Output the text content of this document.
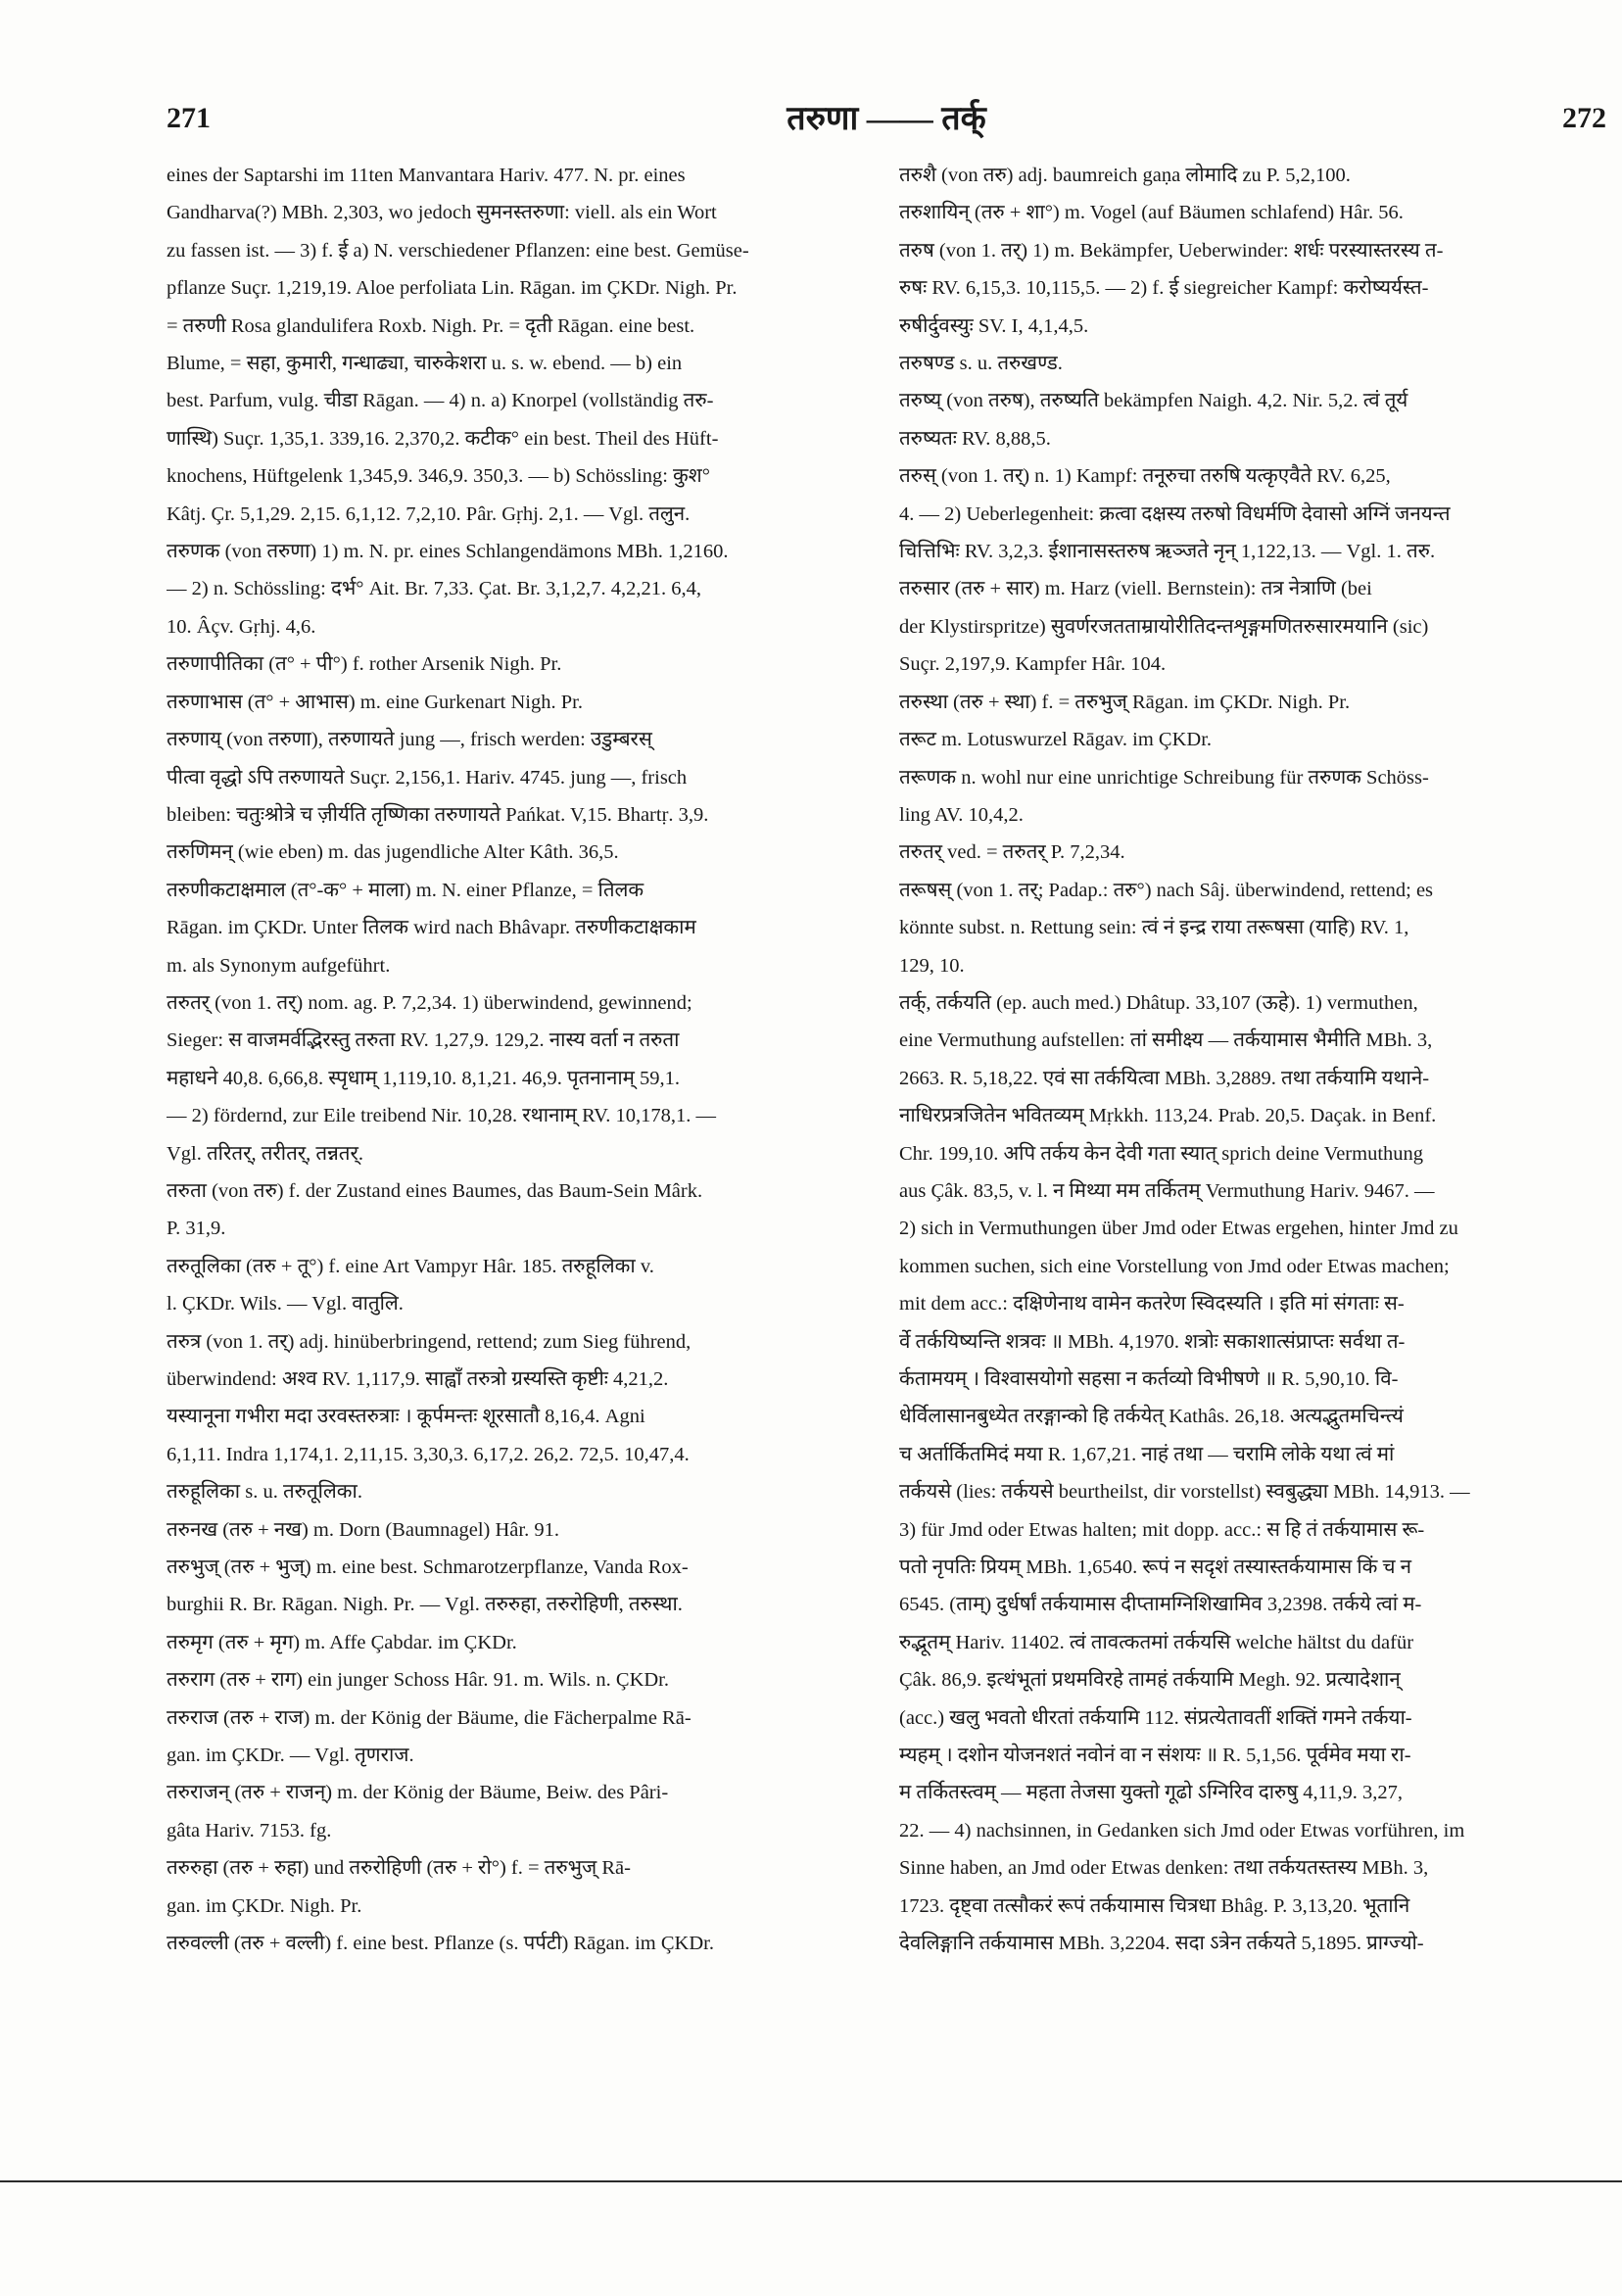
271	तरुणा —— तर्क्	272
eines der Saptarshi im 11ten Manvantara Hariv. 477. N. pr. eines
Gandharva(?) MBh. 2,303, wo jedoch सुमनस्तरुणा: viell. als ein Wort
zu fassen ist. — 3) f. ई a) N. verschiedener Pflanzen: eine best. Gemüse-
pflanze Suçr. 1,219,19. Aloe perfoliata Lin. Rāgan. im ÇKDr. Nigh. Pr.
= तरुणी Rosa glandulifera Roxb. Nigh. Pr. = दृती Rāgan. eine best.
Blume, = सहा, कुमारी, गन्धाढ्या, चारुकेशरा u. s. w. ebend. — b) ein
best. Parfum, vulg. चीडा Rāgan. — 4) n. a) Knorpel (vollständig तरु-
णास्थि) Suçr. 1,35,1. 339,16. 2,370,2. कटीक° ein best. Theil des Hüft-
knochens, Hüftgelenk 1,345,9. 346,9. 350,3. — b) Schössling: कुश°
Kâtj. Çr. 5,1,29. 2,15. 6,1,12. 7,2,10. Pâr. Gṛhj. 2,1. — Vgl. तलुन.
तरुणक (von तरुणा) 1) m. N. pr. eines Schlangendämons MBh. 1,2160.
— 2) n. Schössling: दर्भ° Ait. Br. 7,33. Çat. Br. 3,1,2,7. 4,2,21. 6,4,
10. Âçv. Gṛhj. 4,6.
तरुणापीतिका (त° + पी°) f. rother Arsenik Nigh. Pr.
तरुणाभास (त° + आभास) m. eine Gurkenart Nigh. Pr.
तरुणाय् (von तरुणा), तरुणायते jung —, frisch werden: उडुम्बरस्
पीत्वा वृद्धो ऽपि तरुणायते Suçr. 2,156,1. Hariv. 4745. jung —, frisch
bleiben: चतुःश्रोत्रे च ज़ीर्यति तृष्णिका तरुणायते Pańkat. V,15. Bhartṛ. 3,9.
तरुणिमन् (wie eben) m. das jugendliche Alter Kâth. 36,5.
तरुणीकटाक्षमाल (त°-क° + माला) m. N. einer Pflanze, = तिलक
Rāgan. im ÇKDr. Unter तिलक wird nach Bhâvapr. तरुणीकटाक्षकाम
m. als Synonym aufgeführt.
तरुतर् (von 1. तर्) nom. ag. P. 7,2,34. 1) überwindend, gewinnend;
Sieger: स वाजमर्वद्भिरस्तु तरुता RV. 1,27,9. 129,2. नास्य वर्ता न तरुता
महाधने 40,8. 6,66,8. स्पृधाम् 1,119,10. 8,1,21. 46,9. पृतनानाम् 59,1.
— 2) fördernd, zur Eile treibend Nir. 10,28. रथानाम् RV. 10,178,1. —
Vgl. तरितर्, तरीतर्, तन्नतर्.
तरुता (von तरु) f. der Zustand eines Baumes, das Baum-Sein Mârk.
P. 31,9.
तरुतूलिका (तरु + तू°) f. eine Art Vampyr Hâr. 185. तरुहूलिका v.
l. ÇKDr. Wils. — Vgl. वातुलि.
तरुत्र (von 1. तर्) adj. hinüberbringend, rettend; zum Sieg führend,
überwindend: अश्व RV. 1,117,9. साह्वाँ तरुत्रो ग्रस्यस्ति कृष्टीः 4,21,2.
यस्यानूना गभीरा मदा उरवस्तरुत्राः । कूर्पमन्तः शूरसातौ 8,16,4. Agni
6,1,11. Indra 1,174,1. 2,11,15. 3,30,3. 6,17,2. 26,2. 72,5. 10,47,4.
तरुहूलिका s. u. तरुतूलिका.
तरुनख (तरु + नख) m. Dorn (Baumnagel) Hâr. 91.
तरुभुज् (तरु + भुज्) m. eine best. Schmarotzerpflanze, Vanda Rox-
burghii R. Br. Rāgan. Nigh. Pr. — Vgl. तरुरुहा, तरुरोहिणी, तरुस्था.
तरुमृग (तरु + मृग) m. Affe Çabdar. im ÇKDr.
तरुराग (तरु + राग) ein junger Schoss Hâr. 91. m. Wils. n. ÇKDr.
तरुराज (तरु + राज) m. der König der Bäume, die Fächerpalme Rā-
gan. im ÇKDr. — Vgl. तृणराज.
तरुराजन् (तरु + राजन्) m. der König der Bäume, Beiw. des Pâri-
gâta Hariv. 7153. fg.
तरुरुहा (तरु + रुहा) und तरुरोहिणी (तरु + रो°) f. = तरुभुज् Rā-
gan. im ÇKDr. Nigh. Pr.
तरुवल्ली (तरु + वल्ली) f. eine best. Pflanze (s. पर्पटी) Rāgan. im ÇKDr.
तरुशै (von तरु) adj. baumreich gaṇa लोमादि zu P. 5,2,100.
तरुशायिन् (तरु + शा°) m. Vogel (auf Bäumen schlafend) Hâr. 56.
तरुष (von 1. तर्) 1) m. Bekämpfer, Ueberwinder: शर्धः परस्यास्तरस्य त-
रुषः RV. 6,15,3. 10,115,5. — 2) f. ई siegreicher Kampf: करोष्यर्यस्त-
रुषीर्दुवस्युः SV. I, 4,1,4,5.
तरुषण्ड s. u. तरुखण्ड.
तरुष्य् (von तरुष), तरुष्यति bekämpfen Naigh. 4,2. Nir. 5,2. त्वं तूर्य
तरुष्यतः RV. 8,88,5.
तरुस् (von 1. तर्) n. 1) Kampf: तनूरुचा तरुषि यत्कृएवैते RV. 6,25,
4. — 2) Ueberlegenheit: क्रत्वा दक्षस्य तरुषो विधर्मणि देवासो अग्निं जनयन्त
चित्तिभिः RV. 3,2,3. ईशानासस्तरुष ऋञ्जते नृन् 1,122,13. — Vgl. 1. तरु.
तरुसार (तरु + सार) m. Harz (viell. Bernstein): तत्र नेत्राणि (bei
der Klystirspritze) सुवर्णरजतताम्रायोरीतिदन्तशृङ्गमणितरुसारमयानि (sic)
Suçr. 2,197,9. Kampfer Hâr. 104.
तरुस्था (तरु + स्था) f. = तरुभुज् Rāgan. im ÇKDr. Nigh. Pr.
तरूट m. Lotuswurzel Rāgav. im ÇKDr.
तरूणक n. wohl nur eine unrichtige Schreibung für तरुणक Schöss-
ling AV. 10,4,2.
तरुतर् ved. = तरुतर् P. 7,2,34.
तरूषस् (von 1. तर्; Padap.: तरु°) nach Sâj. überwindend, rettend; es
könnte subst. n. Rettung sein: त्वं नं इन्द्र राया तरूषसा (याहि) RV. 1,
129, 10.
तर्क्, तर्कयति (ep. auch med.) Dhâtup. 33,107 (ऊहे). 1) vermuthen,
eine Vermuthung aufstellen: तां समीक्ष्य — तर्कयामास भैमीति MBh. 3,
2663. R. 5,18,22. एवं सा तर्कयित्वा MBh. 3,2889. तथा तर्कयामि यथाने-
नाधिरप्रत्रजितेन भवितव्यम् Mṛkkh. 113,24. Prab. 20,5. Daçak. in Benf.
Chr. 199,10. अपि तर्कय केन देवी गता स्यात् sprich deine Vermuthung
aus Çâk. 83,5, v. l. न मिथ्या मम तर्कितम् Vermuthung Hariv. 9467. —
2) sich in Vermuthungen über Jmd oder Etwas ergehen, hinter Jmd zu
kommen suchen, sich eine Vorstellung von Jmd oder Etwas machen;
mit dem acc.: दक्षिणेनाथ वामेन कतरेण स्विदस्यति । इति मां संगताः स-
र्वे तर्कयिष्यन्ति शत्रवः ॥ MBh. 4,1970. शत्रोः सकाशात्संप्राप्तः सर्वथा त-
र्कतामयम् । विश्वासयोगो सहसा न कर्तव्यो विभीषणे ॥ R. 5,90,10. वि-
धेर्विलासानबुध्येत तरङ्गान्को हि तर्कयेत् Kathâs. 26,18. अत्यद्भुतमचिन्त्यं
च अर्तार्कितमिदं मया R. 1,67,21. नाहं तथा — चरामि लोके यथा त्वं मां
तर्कयसे (lies: तर्कयसे beurtheilst, dir vorstellst) स्वबुद्ध्या MBh. 14,913. —
3) für Jmd oder Etwas halten; mit dopp. acc.: स हि तं तर्कयामास रू-
पतो नृपतिः प्रियम् MBh. 1,6540. रूपं न सदृशं तस्यास्तर्कयामास किं च न
6545. (ताम्) दुर्धर्षां तर्कयामास दीप्तामग्निशिखामिव 3,2398. तर्कये त्वां म-
रुद्भूतम् Hariv. 11402. त्वं तावत्कतमां तर्कयसि welche hältst du dafür
Çâk. 86,9. इत्थंभूतां प्रथमविरहे तामहं तर्कयामि Megh. 92. प्रत्यादेशान्
(acc.) खलु भवतो धीरतां तर्कयामि 112. संप्रत्येतावतीं शक्तिं गमने तर्कया-
म्यहम् । दशोन योजनशतं नवोनं वा न संशयः ॥ R. 5,1,56. पूर्वमेव मया रा-
म तर्कितस्त्वम् — महता तेजसा युक्तो गूढो ऽग्निरिव दारुषु 4,11,9. 3,27,
22. — 4) nachsinnen, in Gedanken sich Jmd oder Etwas vorführen, im
Sinne haben, an Jmd oder Etwas denken: तथा तर्कयतस्तस्य MBh. 3,
1723. दृष्ट्वा तत्सौकरं रूपं तर्कयामास चित्रधा Bhâg. P. 3,13,20. भूतानि
देवलिङ्गानि तर्कयामास MBh. 3,2204. सदा ऽत्रेन तर्कयते 5,1895. प्राग्ज्यो-
